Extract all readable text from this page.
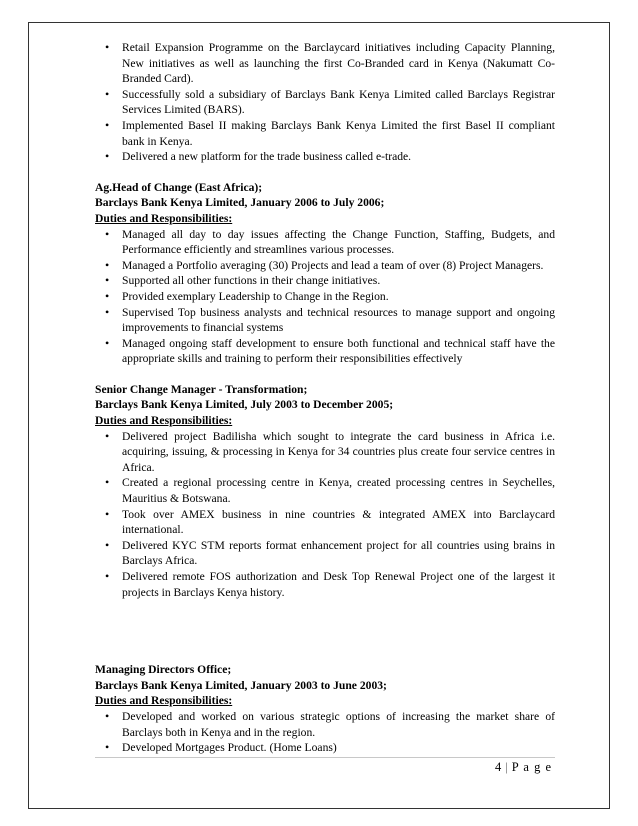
• Retail Expansion Programme on the Barclaycard initiatives including Capacity Planning, New initiatives as well as launching the first Co-Branded card in Kenya (Nakumatt Co-Branded Card).
• Successfully sold a subsidiary of Barclays Bank Kenya Limited called Barclays Registrar Services Limited (BARS).
• Implemented Basel II making Barclays Bank Kenya Limited the first Basel II compliant bank in Kenya.
• Delivered a new platform for the trade business called e-trade.
Ag.Head of Change (East Africa);
Barclays Bank Kenya Limited, January 2006 to July 2006;
Duties and Responsibilities:
• Managed all day to day issues affecting the Change Function, Staffing, Budgets, and Performance efficiently and streamlines various processes.
• Managed a Portfolio averaging (30) Projects and lead a team of over (8) Project Managers.
• Supported all other functions in their change initiatives.
• Provided exemplary Leadership to Change in the Region.
• Supervised Top business analysts and technical resources to manage support and ongoing improvements to financial systems
• Managed ongoing staff development to ensure both functional and technical staff have the appropriate skills and training to perform their responsibilities effectively
Senior Change Manager - Transformation;
Barclays Bank Kenya Limited, July 2003 to December 2005;
Duties and Responsibilities:
• Delivered project Badilisha which sought to integrate the card business in Africa i.e. acquiring, issuing, & processing in Kenya for 34 countries plus create four service centres in Africa.
• Created a regional processing centre in Kenya, created processing centres in Seychelles, Mauritius & Botswana.
• Took over AMEX business in nine countries & integrated AMEX into Barclaycard international.
• Delivered KYC STM reports format enhancement project for all countries using brains in Barclays Africa.
• Delivered remote FOS authorization and Desk Top Renewal Project one of the largest it projects in Barclays Kenya history.
Managing Directors Office;
Barclays Bank Kenya Limited, January 2003 to June 2003;
Duties and Responsibilities:
• Developed and worked on various strategic options of increasing the market share of Barclays both in Kenya and in the region.
• Developed Mortgages Product. (Home Loans)
4 | P a g e
